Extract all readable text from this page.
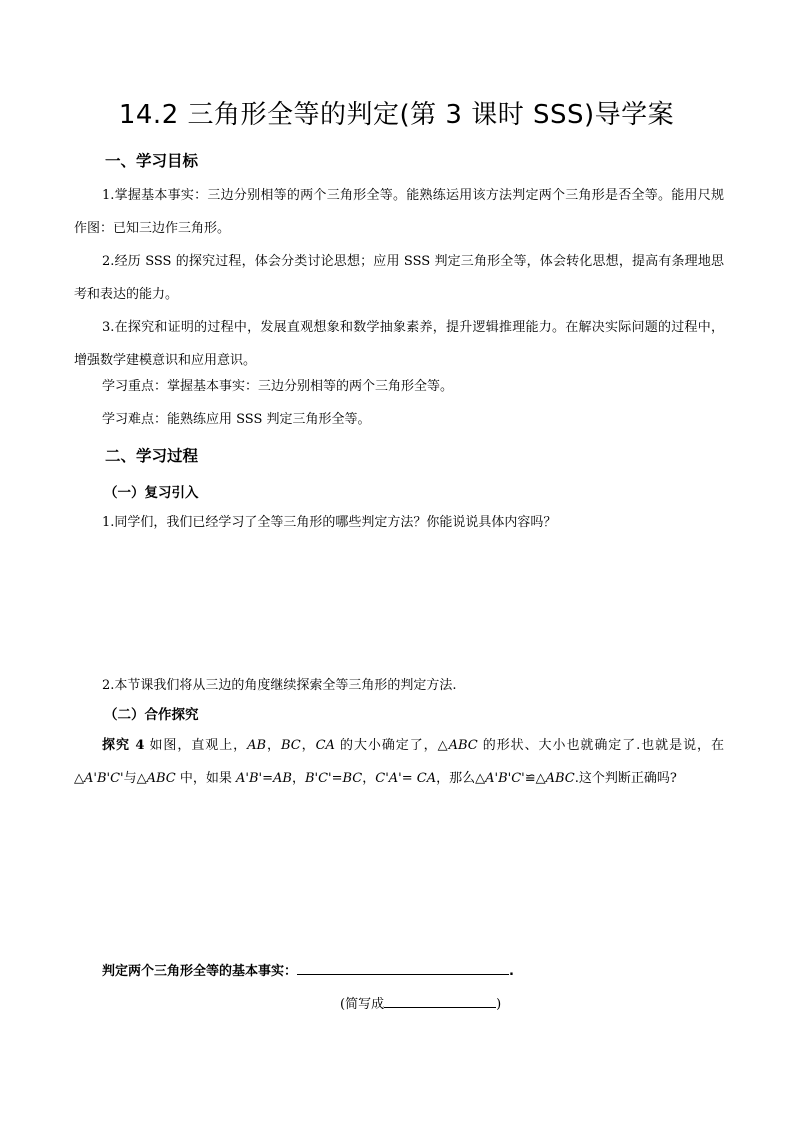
14.2 三角形全等的判定(第 3 课时 SSS)导学案
一、学习目标
1.掌握基本事实：三边分别相等的两个三角形全等。能熟练运用该方法判定两个三角形是否全等。能用尺规作图：已知三边作三角形。
2.经历 SSS 的探究过程，体会分类讨论思想；应用 SSS 判定三角形全等，体会转化思想，提高有条理地思考和表达的能力。
3.在探究和证明的过程中，发展直观想象和数学抽象素养，提升逻辑推理能力。在解决实际问题的过程中，增强数学建模意识和应用意识。
学习重点：掌握基本事实：三边分别相等的两个三角形全等。
学习难点：能熟练应用 SSS 判定三角形全等。
二、学习过程
（一）复习引入
1.同学们，我们已经学习了全等三角形的哪些判定方法？你能说说具体内容吗？
2.本节课我们将从三边的角度继续探索全等三角形的判定方法.
（二）合作探究
探究 4 如图，直观上，AB，BC，CA 的大小确定了，△ABC 的形状、大小也就确定了.也就是说，在△A'B'C'与△ABC 中，如果 A'B'=AB，B'C'=BC，C'A'= CA，那么△A'B'C'≌△ABC.这个判断正确吗?
判定两个三角形全等的基本事实：	.
(简写成	)
